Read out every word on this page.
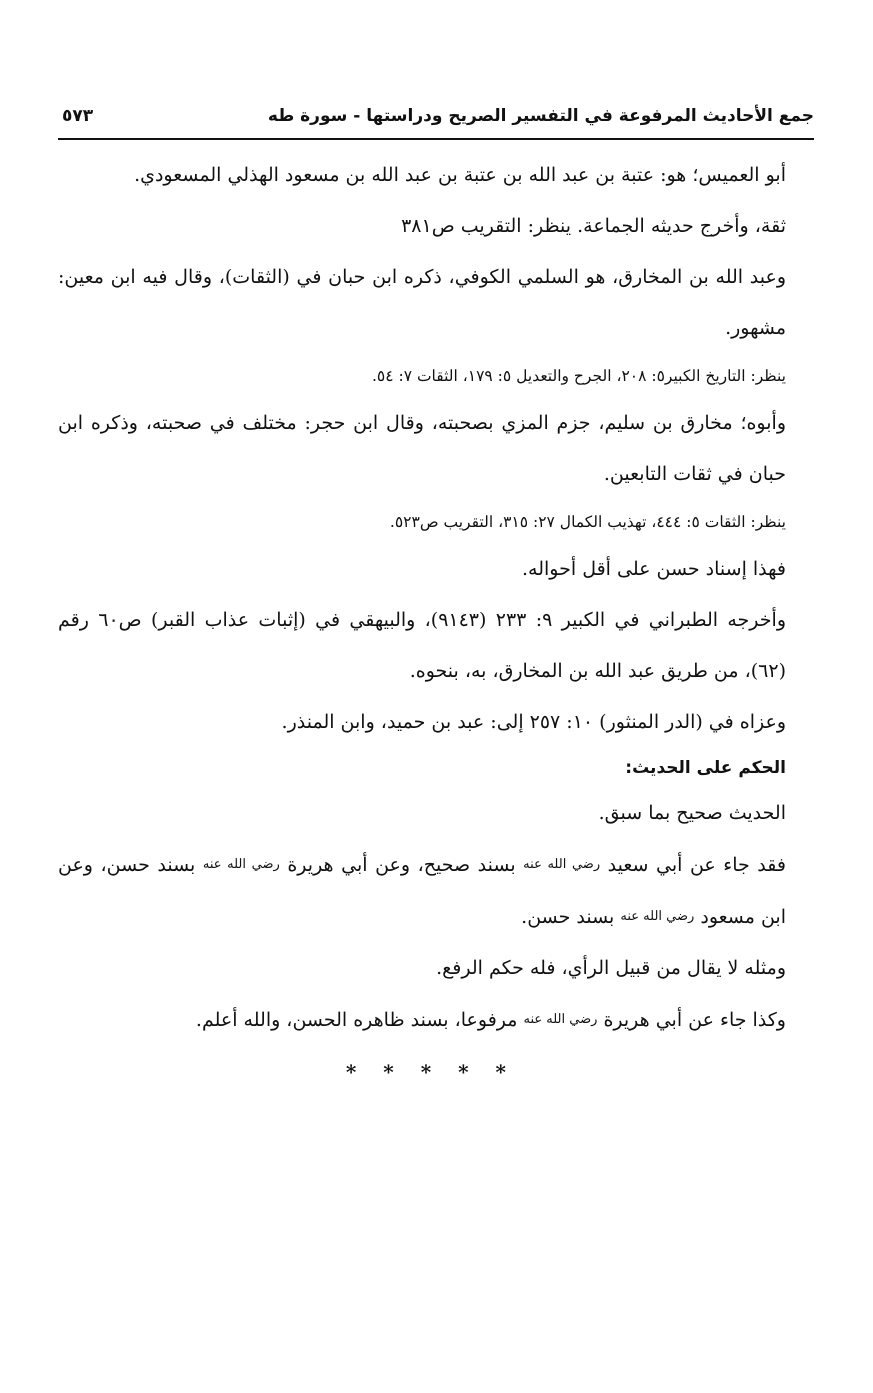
جمع الأحاديث المرفوعة في التفسير الصريح ودراستها - سورة طه
٥٧٣

أبو العميس؛ هو: عتبة بن عبد الله بن عتبة بن عبد الله بن مسعود الهذلي المسعودي.

ثقة، وأخرج حديثه الجماعة. ينظر: التقريب ص٣٨١

وعبد الله بن المخارق، هو السلمي الكوفي، ذكره ابن حبان في (الثقات)، وقال فيه ابن معين: مشهور.

ينظر: التاريخ الكبير٥: ٢٠٨، الجرح والتعديل ٥: ١٧٩، الثقات ٧: ٥٤.

وأبوه؛ مخارق بن سليم، جزم المزي بصحبته، وقال ابن حجر: مختلف في صحبته، وذكره ابن حبان في ثقات التابعين.

ينظر: الثقات ٥: ٤٤٤، تهذيب الكمال ٢٧: ٣١٥، التقريب ص٥٢٣.

فهذا إسناد حسن على أقل أحواله.

وأخرجه الطبراني في الكبير ٩: ٢٣٣ (٩١٤٣)، والبيهقي في (إثبات عذاب القبر) ص٦٠ رقم (٦٢)، من طريق عبد الله بن المخارق، به، بنحوه.

وعزاه في (الدر المنثور) ١٠: ٢٥٧ إلى: عبد بن حميد، وابن المنذر.

الحكم على الحديث:

الحديث صحيح بما سبق.

فقد جاء عن أبي سعيد رضي الله عنه بسند صحيح، وعن أبي هريرة رضي الله عنه بسند حسن، وعن ابن مسعود رضي الله عنه بسند حسن.

ومثله لا يقال من قبيل الرأي، فله حكم الرفع.

وكذا جاء عن أبي هريرة رضي الله عنه مرفوعا، بسند ظاهره الحسن، والله أعلم.

* * * * *
